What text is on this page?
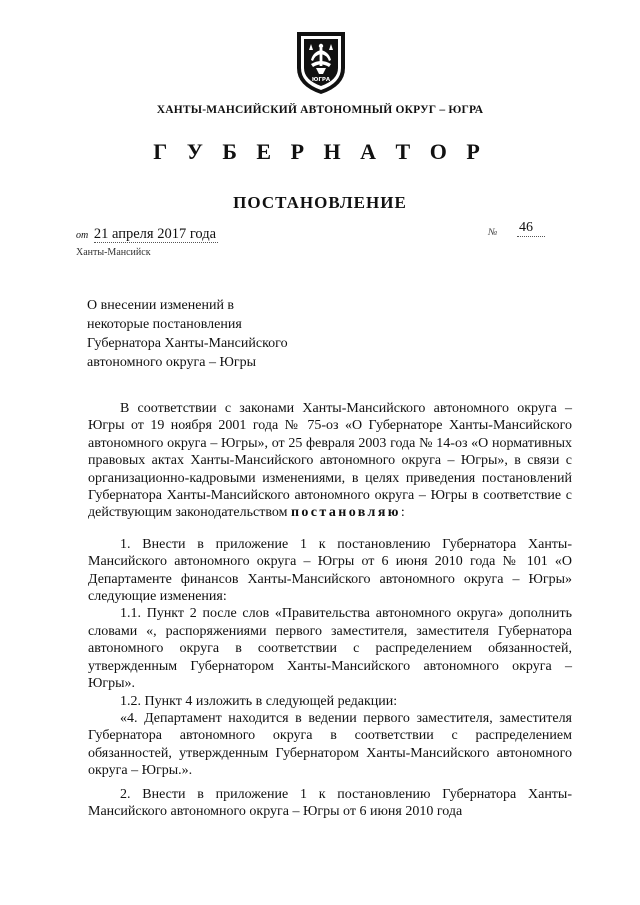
ЮГРА
ХАНТЫ-МАНСИЙСКИЙ АВТОНОМНЫЙ ОКРУГ – ЮГРА
Г У Б Е Р Н А Т О Р
ПОСТАНОВЛЕНИЕ
от 21 апреля 2017 года	№ 46
Ханты-Мансийск
О внесении изменений в
некоторые постановления
Губернатора Ханты-Мансийского
автономного округа – Югры

В соответствии с законами Ханты-Мансийского автономного округа – Югры от 19 ноября 2001 года № 75-оз «О Губернаторе Ханты-Мансийского автономного округа – Югры», от 25 февраля 2003 года № 14-оз «О нормативных правовых актах Ханты-Мансийского автономного округа – Югры», в связи с организационно-кадровыми изменениями, в целях приведения постановлений Губернатора Ханты-Мансийского автономного округа – Югры в соответствие с действующим законодательством постановляю:

1. Внести в приложение 1 к постановлению Губернатора Ханты-Мансийского автономного округа – Югры от 6 июня 2010 года № 101 «О Департаменте финансов Ханты-Мансийского автономного округа – Югры» следующие изменения:

1.1. Пункт 2 после слов «Правительства автономного округа» дополнить словами «, распоряжениями первого заместителя, заместителя Губернатора автономного округа в соответствии с распределением обязанностей, утвержденным Губернатором Ханты-Мансийского автономного округа – Югры».

1.2. Пункт 4 изложить в следующей редакции:

«4. Департамент находится в ведении первого заместителя, заместителя Губернатора автономного округа в соответствии с распределением обязанностей, утвержденным Губернатором Ханты-Мансийского автономного округа – Югры.».

2. Внести в приложение 1 к постановлению Губернатора Ханты-Мансийского автономного округа – Югры от 6 июня 2010 года
